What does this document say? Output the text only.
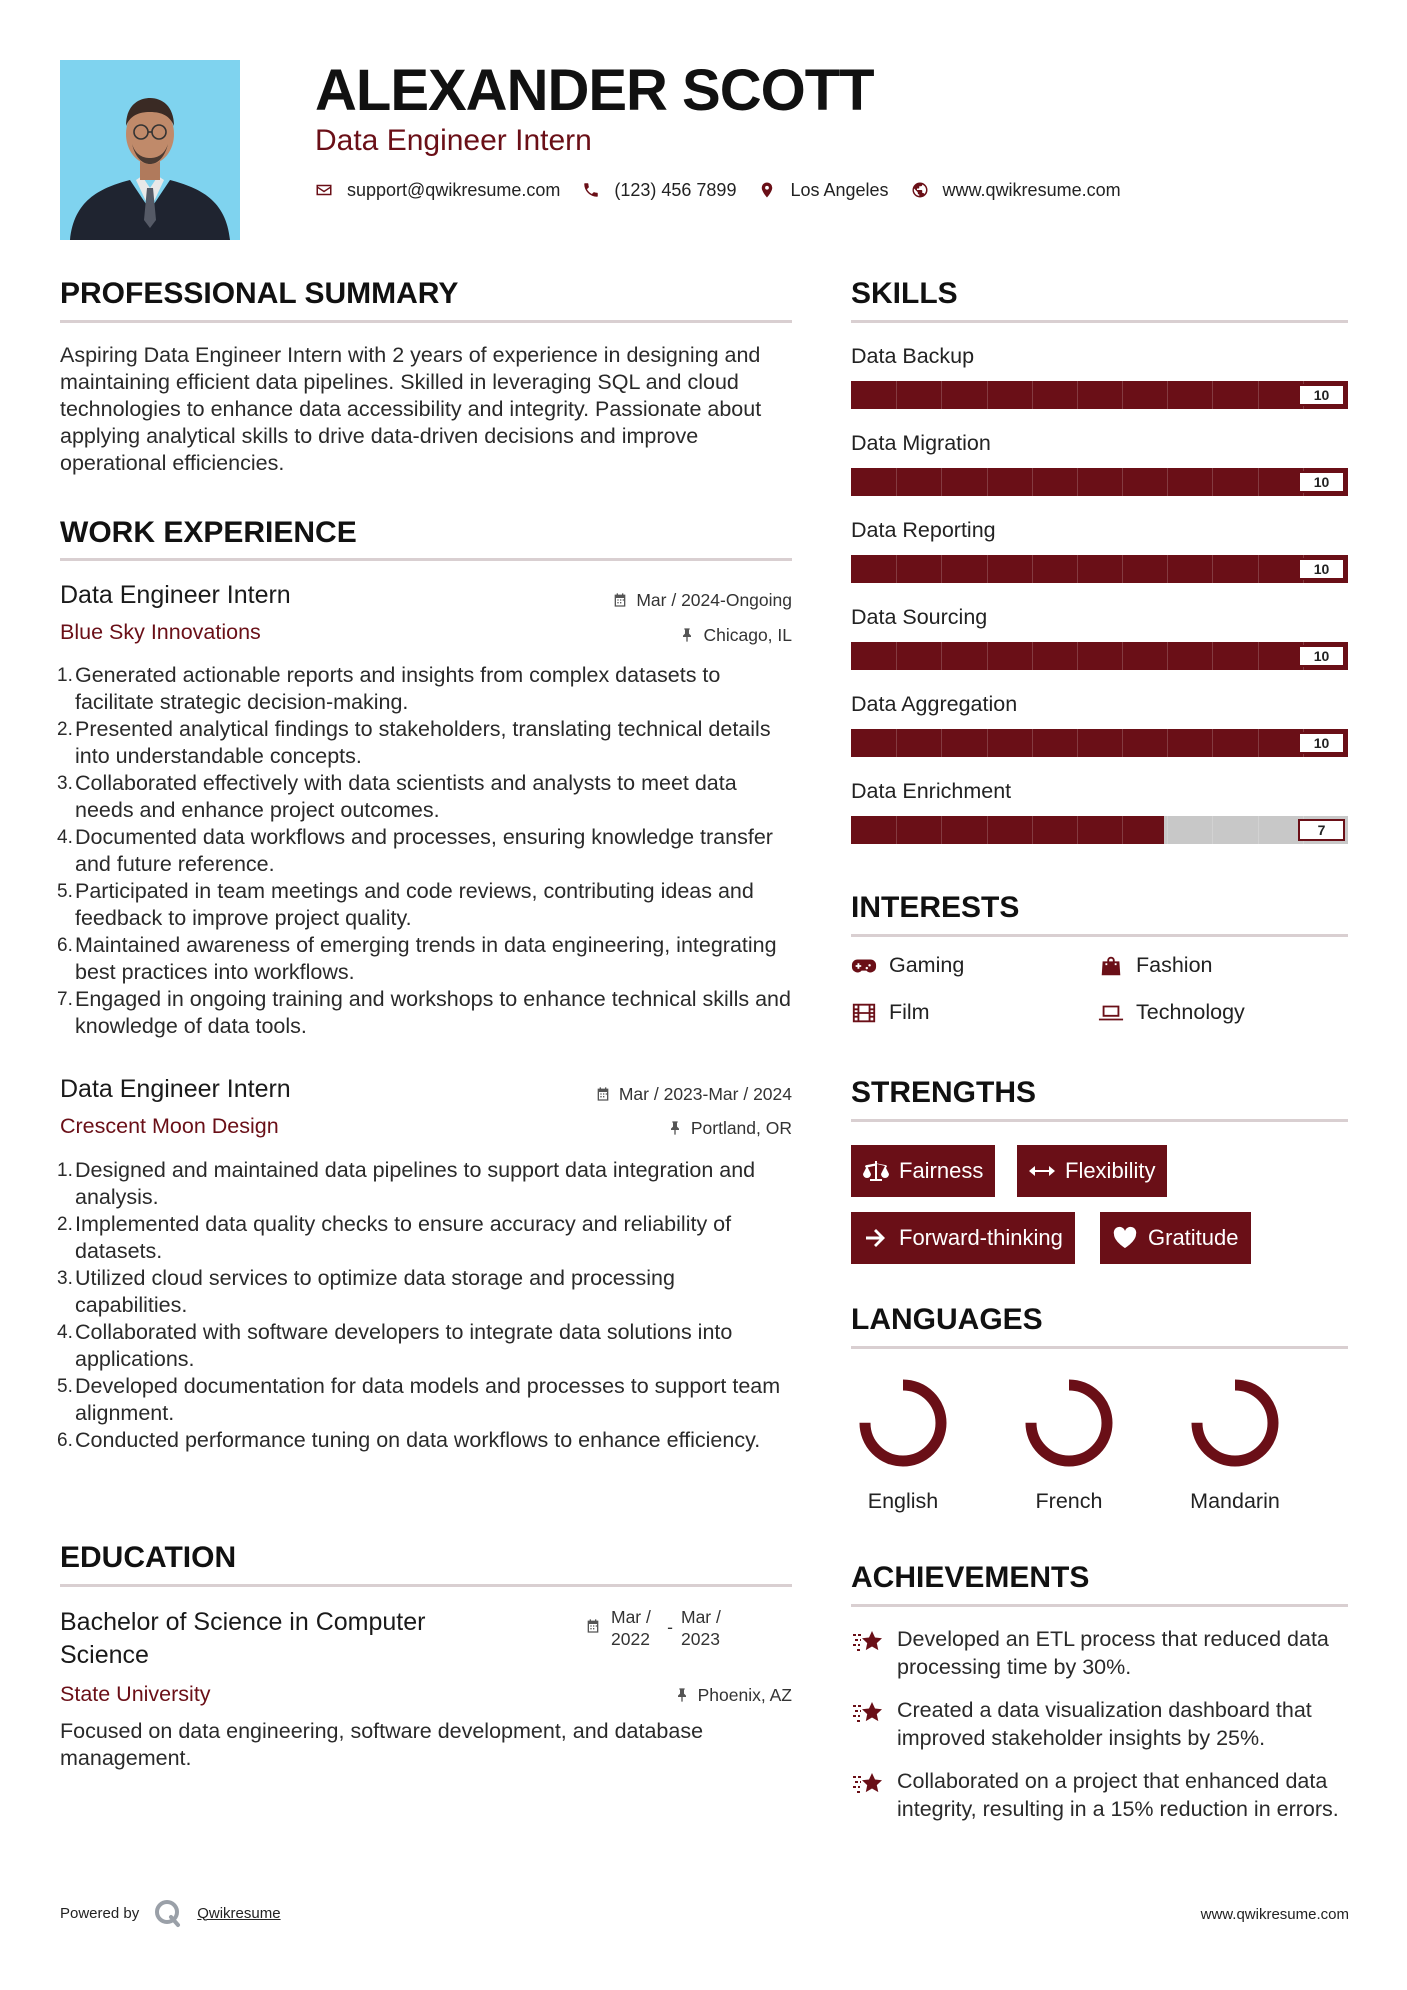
ALEXANDER SCOTT
Data Engineer Intern
support@qwikresume.com	(123) 456 7899	Los Angeles	www.qwikresume.com
PROFESSIONAL SUMMARY
Aspiring Data Engineer Intern with 2 years of experience in designing and maintaining efficient data pipelines. Skilled in leveraging SQL and cloud technologies to enhance data accessibility and integrity. Passionate about applying analytical skills to drive data-driven decisions and improve operational efficiencies.
WORK EXPERIENCE
Data Engineer Intern	Mar / 2024-Ongoing
Blue Sky Innovations	Chicago, IL
1. Generated actionable reports and insights from complex datasets to facilitate strategic decision-making.
2. Presented analytical findings to stakeholders, translating technical details into understandable concepts.
3. Collaborated effectively with data scientists and analysts to meet data needs and enhance project outcomes.
4. Documented data workflows and processes, ensuring knowledge transfer and future reference.
5. Participated in team meetings and code reviews, contributing ideas and feedback to improve project quality.
6. Maintained awareness of emerging trends in data engineering, integrating best practices into workflows.
7. Engaged in ongoing training and workshops to enhance technical skills and knowledge of data tools.
Data Engineer Intern	Mar / 2023-Mar / 2024
Crescent Moon Design	Portland, OR
1. Designed and maintained data pipelines to support data integration and analysis.
2. Implemented data quality checks to ensure accuracy and reliability of datasets.
3. Utilized cloud services to optimize data storage and processing capabilities.
4. Collaborated with software developers to integrate data solutions into applications.
5. Developed documentation for data models and processes to support team alignment.
6. Conducted performance tuning on data workflows to enhance efficiency.
EDUCATION
Bachelor of Science in Computer Science
Mar / 2022
- Mar / 2023
State University	Phoenix, AZ
Focused on data engineering, software development, and database management.
SKILLS
Data Backup
10
Data Migration
10
Data Reporting
10
Data Sourcing
10
Data Aggregation
10
Data Enrichment
7
INTERESTS
Gaming	Fashion
Film	Technology
STRENGTHS
Fairness	Flexibility
Forward-thinking	Gratitude
LANGUAGES
English	French	Mandarin
ACHIEVEMENTS
Developed an ETL process that reduced data processing time by 30%.
Created a data visualization dashboard that improved stakeholder insights by 25%.
Collaborated on a project that enhanced data integrity, resulting in a 15% reduction in errors.
Powered by	Qwikresume	www.qwikresume.com
